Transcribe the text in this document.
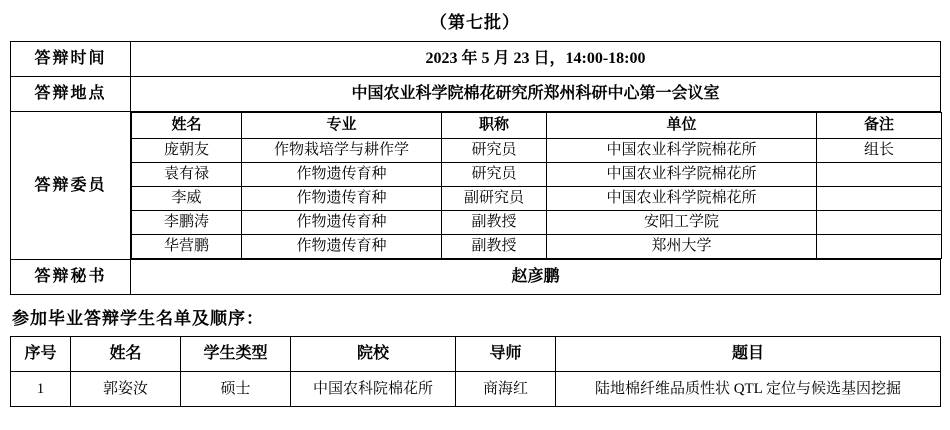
（第七批）
答辩时间	2023 年 5 月 23 日，14:00-18:00
答辩地点	中国农业科学院棉花研究所郑州科研中心第一会议室
答辩委员	
姓名	专业	职称	单位	备注
庞朝友	作物栽培学与耕作学	研究员	中国农业科学院棉花所	组长
袁有禄	作物遗传育种	研究员	中国农业科学院棉花所	
李威	作物遗传育种	副研究员	中国农业科学院棉花所	
李鹏涛	作物遗传育种	副教授	安阳工学院	
华营鹏	作物遗传育种	副教授	郑州大学	

答辩秘书	赵彦鹏
参加毕业答辩学生名单及顺序：
序号	姓名	学生类型	院校	导师	题目
1	郭姿汝	硕士	中国农科院棉花所	商海红	陆地棉纤维品质性状 QTL 定位与候选基因挖掘
